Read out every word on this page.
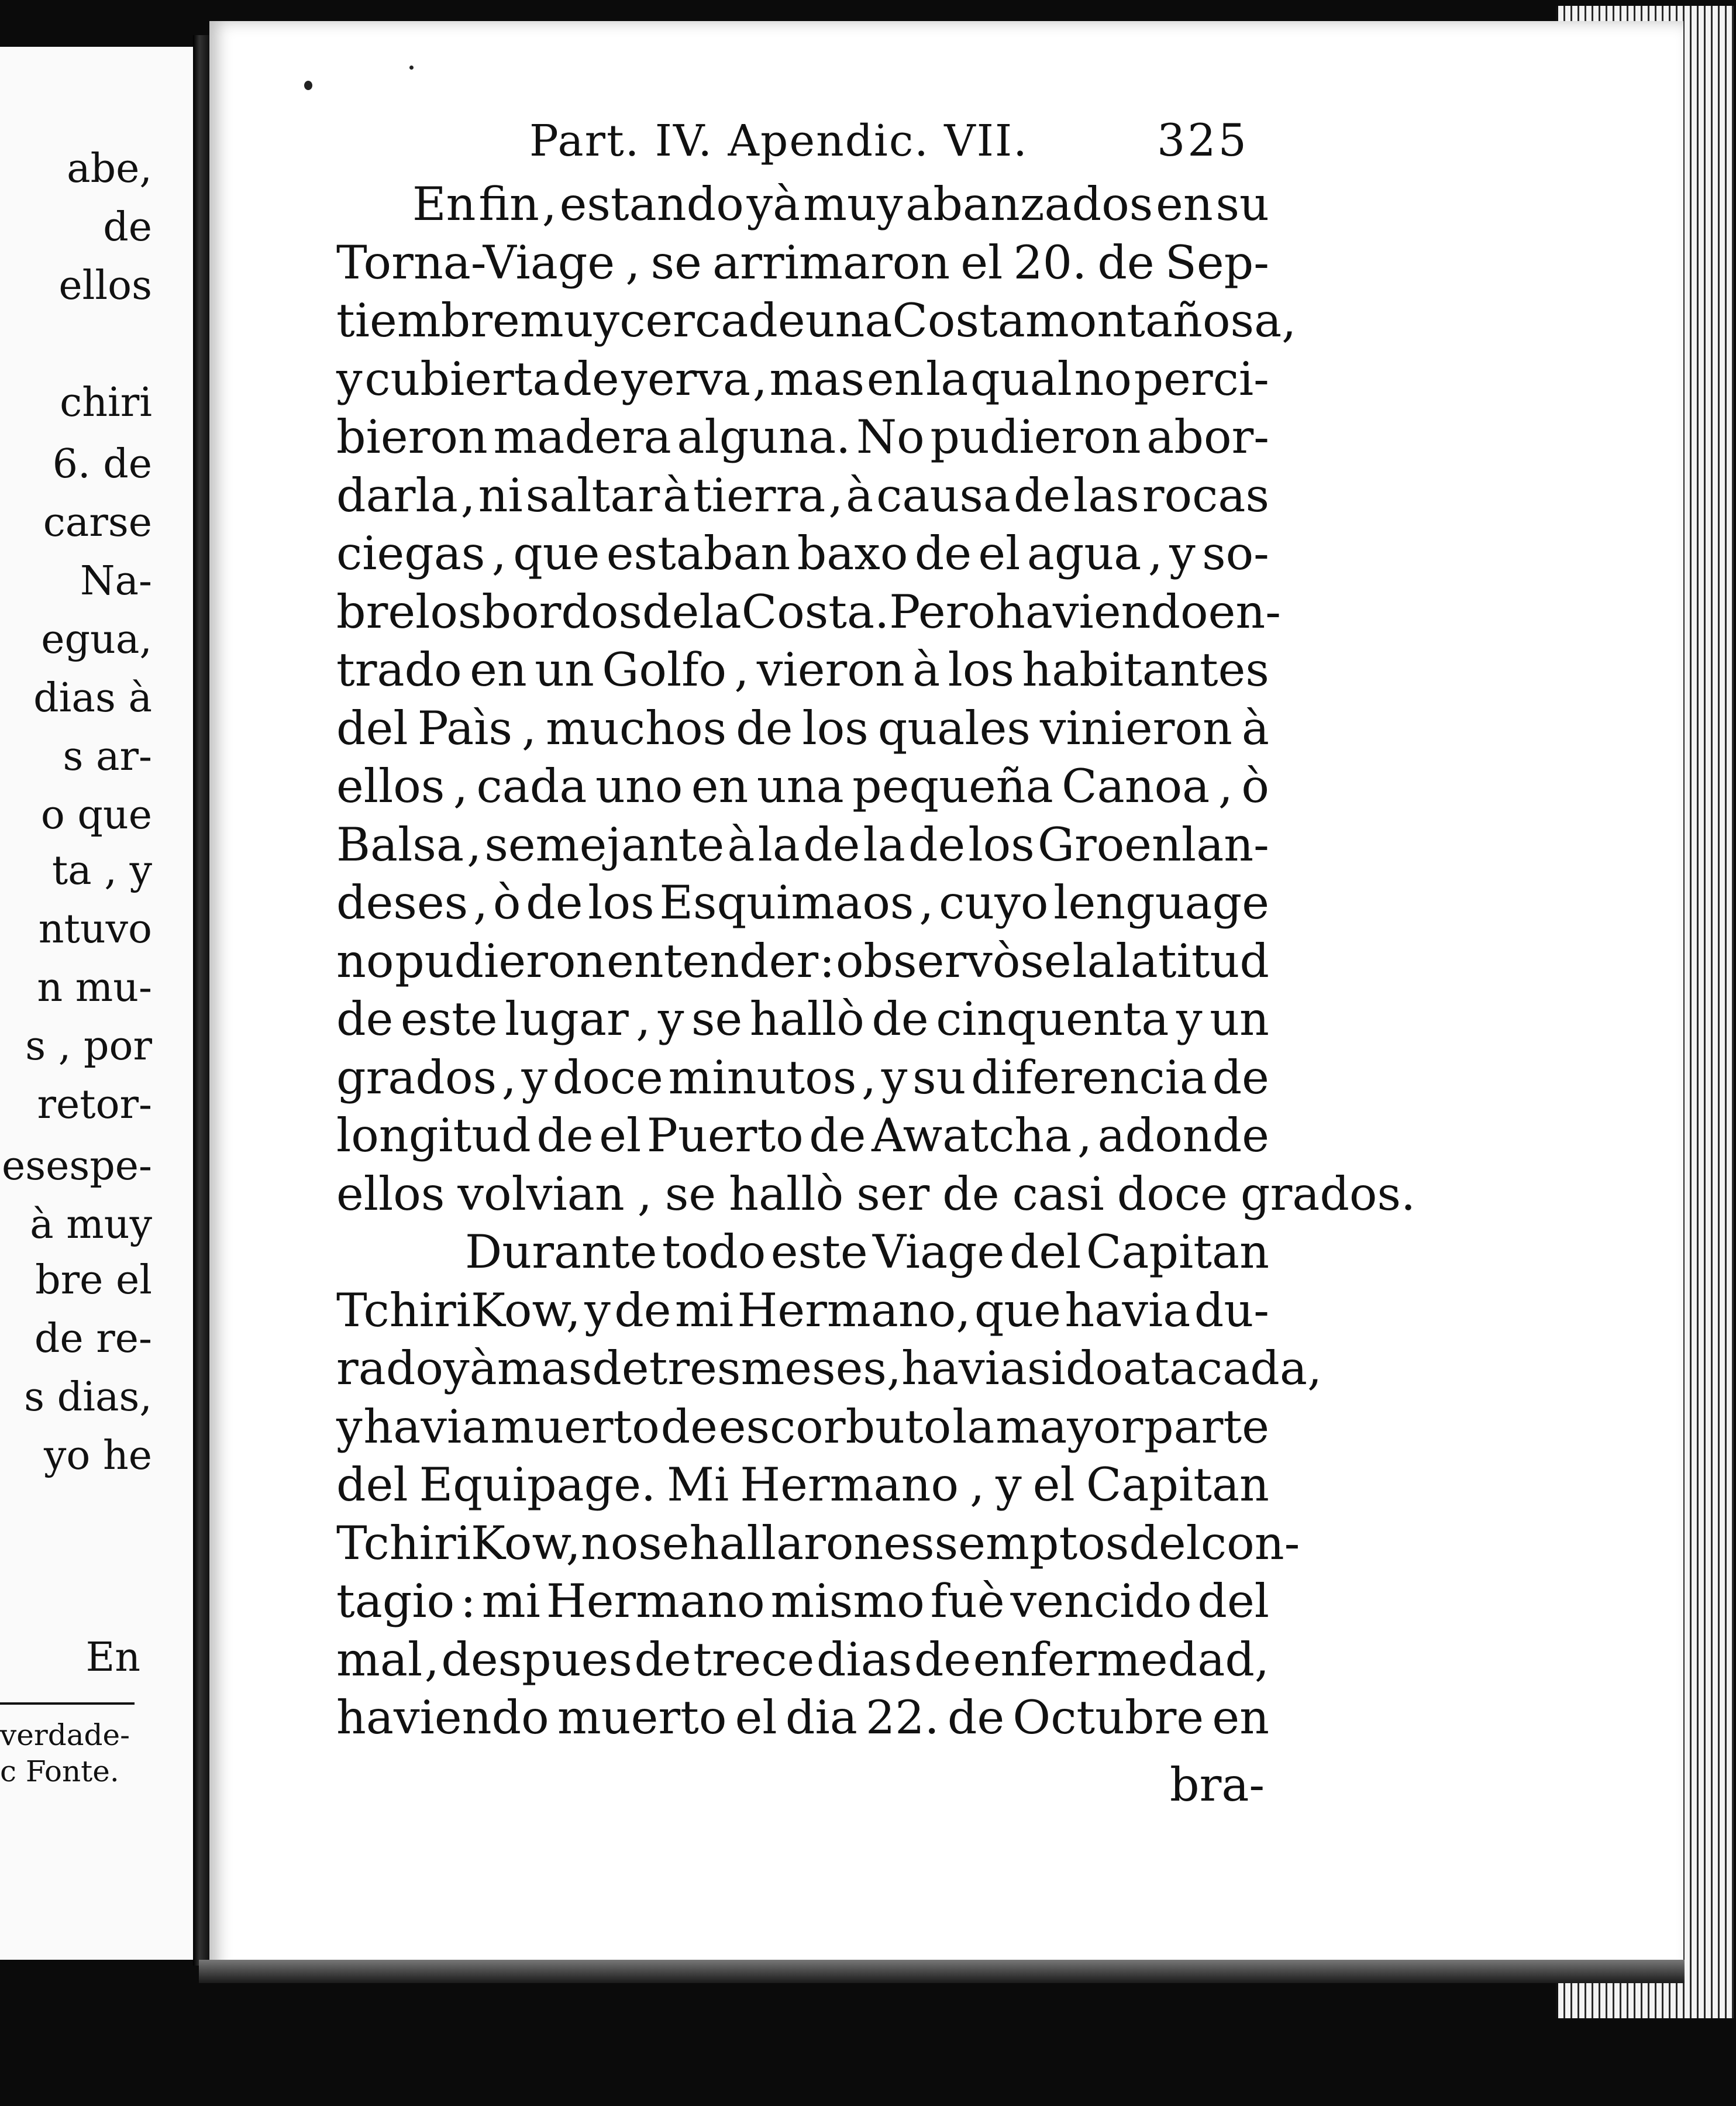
abe,
de
ellos
chiri
6. de
carse
Na-
egua,
dias à
s ar-
o que
ta , y
ntuvo
n mu-
s , por
retor-
esespe-
à muy
bre el
de re-
s dias,
yo he
En
verdade-
c Fonte.
Part. IV. Apendic. VII.	325
En fin , estando yà muy abanzados en su
Torna-Viage , se arrimaron el 20. de Sep-
tiembre muy cerca de una Costa montañosa,
y cubierta de yerva , mas en la qual no perci-
bieron madera alguna. No pudieron abor-
darla , ni saltar à tierra , à causa de las rocas
ciegas , que estaban baxo de el agua , y so-
bre los bordos de la Costa. Pero haviendo en-
trado en un Golfo , vieron à los habitantes
del Paìs , muchos de los quales vinieron à
ellos , cada uno en una pequeña Canoa , ò
Balsa , semejante à la de la de los Groenlan-
deses , ò de los Esquimaos , cuyo lenguage
no pudieron entender : observòse la latitud
de este lugar , y se hallò de cinquenta y un
grados , y doce minutos , y su diferencia de
longitud de el Puerto de Awatcha , adonde
ellos volvian , se hallò ser de casi doce grados.
Durante todo este Viage del Capitan
TchiriKow, y de mi Hermano, que havia du-
rado yà mas de tres meses, havia sido atacada,
y havia muerto de escorbuto la mayor parte
del Equipage. Mi Hermano , y el Capitan
TchiriKow, no se hallaron essemptos del con-
tagio : mi Hermano mismo fuè vencido del
mal , despues de trece dias de enfermedad,
haviendo muerto el dia 22. de Octubre en
bra-
